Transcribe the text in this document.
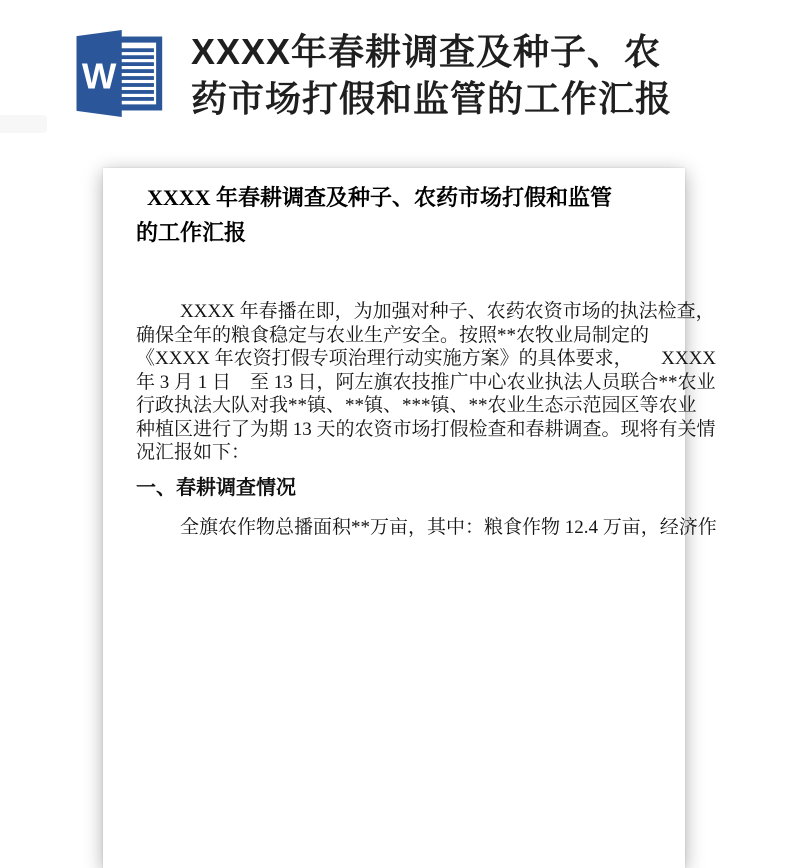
W
XXXX年春耕调查及种子、农
药市场打假和监管的工作汇报
XXXX 年春耕调查及种子、农药市场打假和监管
的工作汇报
XXXX 年春播在即，为加强对种子、农药农资市场的执法检查，
确保全年的粮食稳定与农业生产安全。按照**农牧业局制定的
《XXXX 年农资打假专项治理行动实施方案》的具体要求，　　XXXX
年 3 月 1 日　至 13 日，阿左旗农技推广中心农业执法人员联合**农业
行政执法大队对我**镇、**镇、***镇、**农业生态示范园区等农业
种植区进行了为期 13 天的农资市场打假检查和春耕调查。现将有关情
况汇报如下：
一、春耕调查情况
全旗农作物总播面积**万亩，其中：粮食作物 12.4 万亩，经济作
